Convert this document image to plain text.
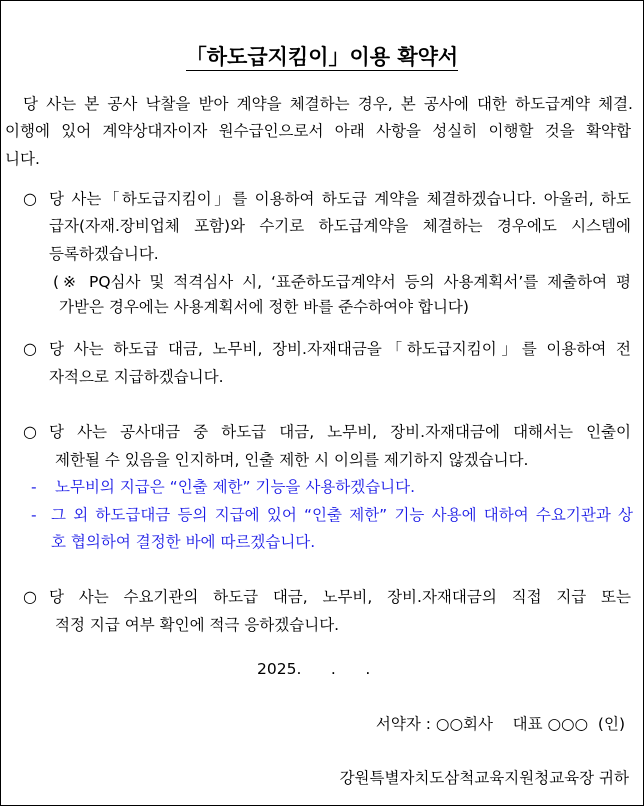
「하도급지킴이」이용 확약서
당 사는 본 공사 낙찰을 받아 계약을 체결하는 경우, 본 공사에 대한 하도급계약 체결.
이행에 있어 계약상대자이자 원수급인으로서 아래 사항을 성실히 이행할 것을 확약합
니다.
○ 당 사는「하도급지킴이」를 이용하여 하도급 계약을 체결하겠습니다. 아울러, 하도
급자(자재.장비업체 포함)와 수기로 하도급계약을 체결하는 경우에도 시스템에
등록하겠습니다.
(※ PQ심사 및 적격심사 시, ‘표준하도급계약서 등의 사용계획서’를 제출하여 평
가받은 경우에는 사용계획서에 정한 바를 준수하여야 합니다)
○ 당 사는 하도급 대금, 노무비, 장비.자재대금을「하도급지킴이」를 이용하여 전
자적으로 지급하겠습니다.
○ 당 사는 공사대금 중 하도급 대금, 노무비, 장비.자재대금에 대해서는 인출이
제한될 수 있음을 인지하며, 인출 제한 시 이의를 제기하지 않겠습니다.
- 노무비의 지급은 “인출 제한” 기능을 사용하겠습니다.
- 그 외 하도급대금 등의 지급에 있어 “인출 제한” 기능 사용에 대하여 수요기관과 상
호 협의하여 결정한 바에 따르겠습니다.
○ 당 사는 수요기관의 하도급 대금, 노무비, 장비.자재대금의 직접 지급 또는
적정 지급 여부 확인에 적극 응하겠습니다.
2025.      .      .
서약자 : ○○회사    대표 ○○○  (인)
강원특별자치도삼척교육지원청교육장 귀하
